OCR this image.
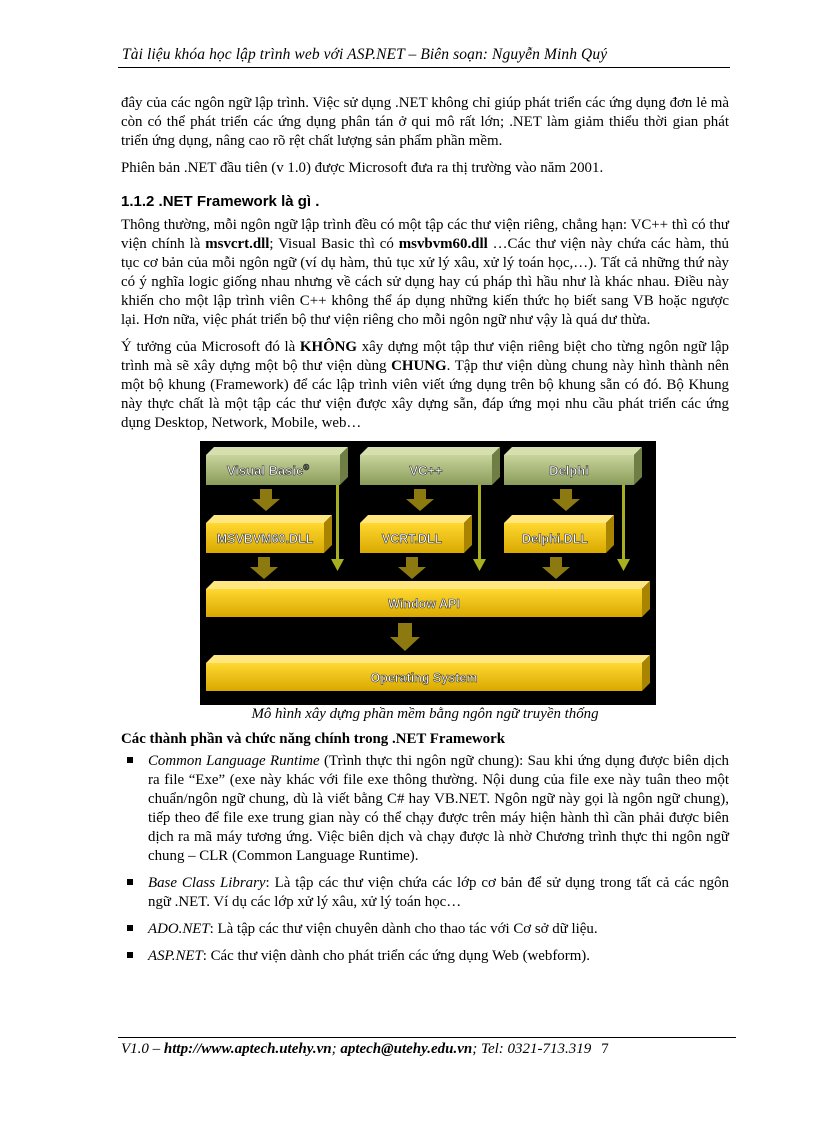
Tài liệu khóa học lập trình web với ASP.NET – Biên soạn: Nguyễn Minh Quý

đây của các ngôn ngữ lập trình. Việc sử dụng .NET không chỉ giúp phát triển các ứng dụng đơn lẻ mà còn có thể phát triển các ứng dụng phân tán ở qui mô rất lớn; .NET làm giảm thiểu thời gian phát triển ứng dụng, nâng cao rõ rệt chất lượng sản phẩm phần mềm.

Phiên bản .NET đầu tiên (v 1.0) được Microsoft đưa ra thị trường vào năm 2001.

1.1.2 .NET Framework là gì .

Thông thường, mỗi ngôn ngữ lập trình đều có một tập các thư viện riêng, chẳng hạn: VC++ thì có thư viện chính là msvcrt.dll; Visual Basic thì có msvbvm60.dll …Các thư viện này chứa các hàm, thủ tục cơ bản của mỗi ngôn ngữ (ví dụ hàm, thủ tục xử lý xâu, xử lý toán học,…). Tất cả những thứ này có ý nghĩa logic giống nhau nhưng về cách sử dụng hay cú pháp thì hầu như là khác nhau. Điều này khiến cho một lập trình viên C++ không thể áp dụng những kiến thức họ biết sang VB hoặc ngược lại. Hơn nữa, việc phát triển bộ thư viện riêng cho mỗi ngôn ngữ như vậy là quá dư thừa.

Ý tưởng của Microsoft đó là KHÔNG xây dựng một tập thư viện riêng biệt cho từng ngôn ngữ lập trình mà sẽ xây dựng một bộ thư viện dùng CHUNG. Tập thư viện dùng chung này hình thành nên một bộ khung (Framework) để các lập trình viên viết ứng dụng trên bộ khung sẵn có đó. Bộ Khung này thực chất là một tập các thư viện được xây dựng sẵn, đáp ứng mọi nhu cầu phát triển các ứng dụng Desktop, Network, Mobile, web…

Visual Basic®	VC++	Delphi
MSVBVM60.DLL	VCRT.DLL	Delphi.DLL
Window API
Operating System

Mô hình xây dựng phần mềm bằng ngôn ngữ truyền thống

Các thành phần và chức năng chính trong .NET Framework
Common Language Runtime (Trình thực thi ngôn ngữ chung): Sau khi ứng dụng được biên dịch ra file “Exe” (exe này khác với file exe thông thường. Nội dung của file exe này tuân theo một chuẩn/ngôn ngữ chung, dù là viết bằng C# hay VB.NET. Ngôn ngữ này gọi là ngôn ngữ chung), tiếp theo để file exe trung gian này có thể chạy được trên máy hiện hành thì cần phải được biên dịch ra mã máy tương ứng. Việc biên dịch và chạy được là nhờ Chương trình thực thi ngôn ngữ chung – CLR (Common Language Runtime).
Base Class Library: Là tập các thư viện chứa các lớp cơ bản để sử dụng trong tất cả các ngôn ngữ .NET. Ví dụ các lớp xử lý xâu, xử lý toán học…
ADO.NET: Là tập các thư viện chuyên dành cho thao tác với Cơ sở dữ liệu.
ASP.NET: Các thư viện dành cho phát triển các ứng dụng Web (webform).
V1.0 – http://www.aptech.utehy.vn; aptech@utehy.edu.vn; Tel: 0321-713.319 7
